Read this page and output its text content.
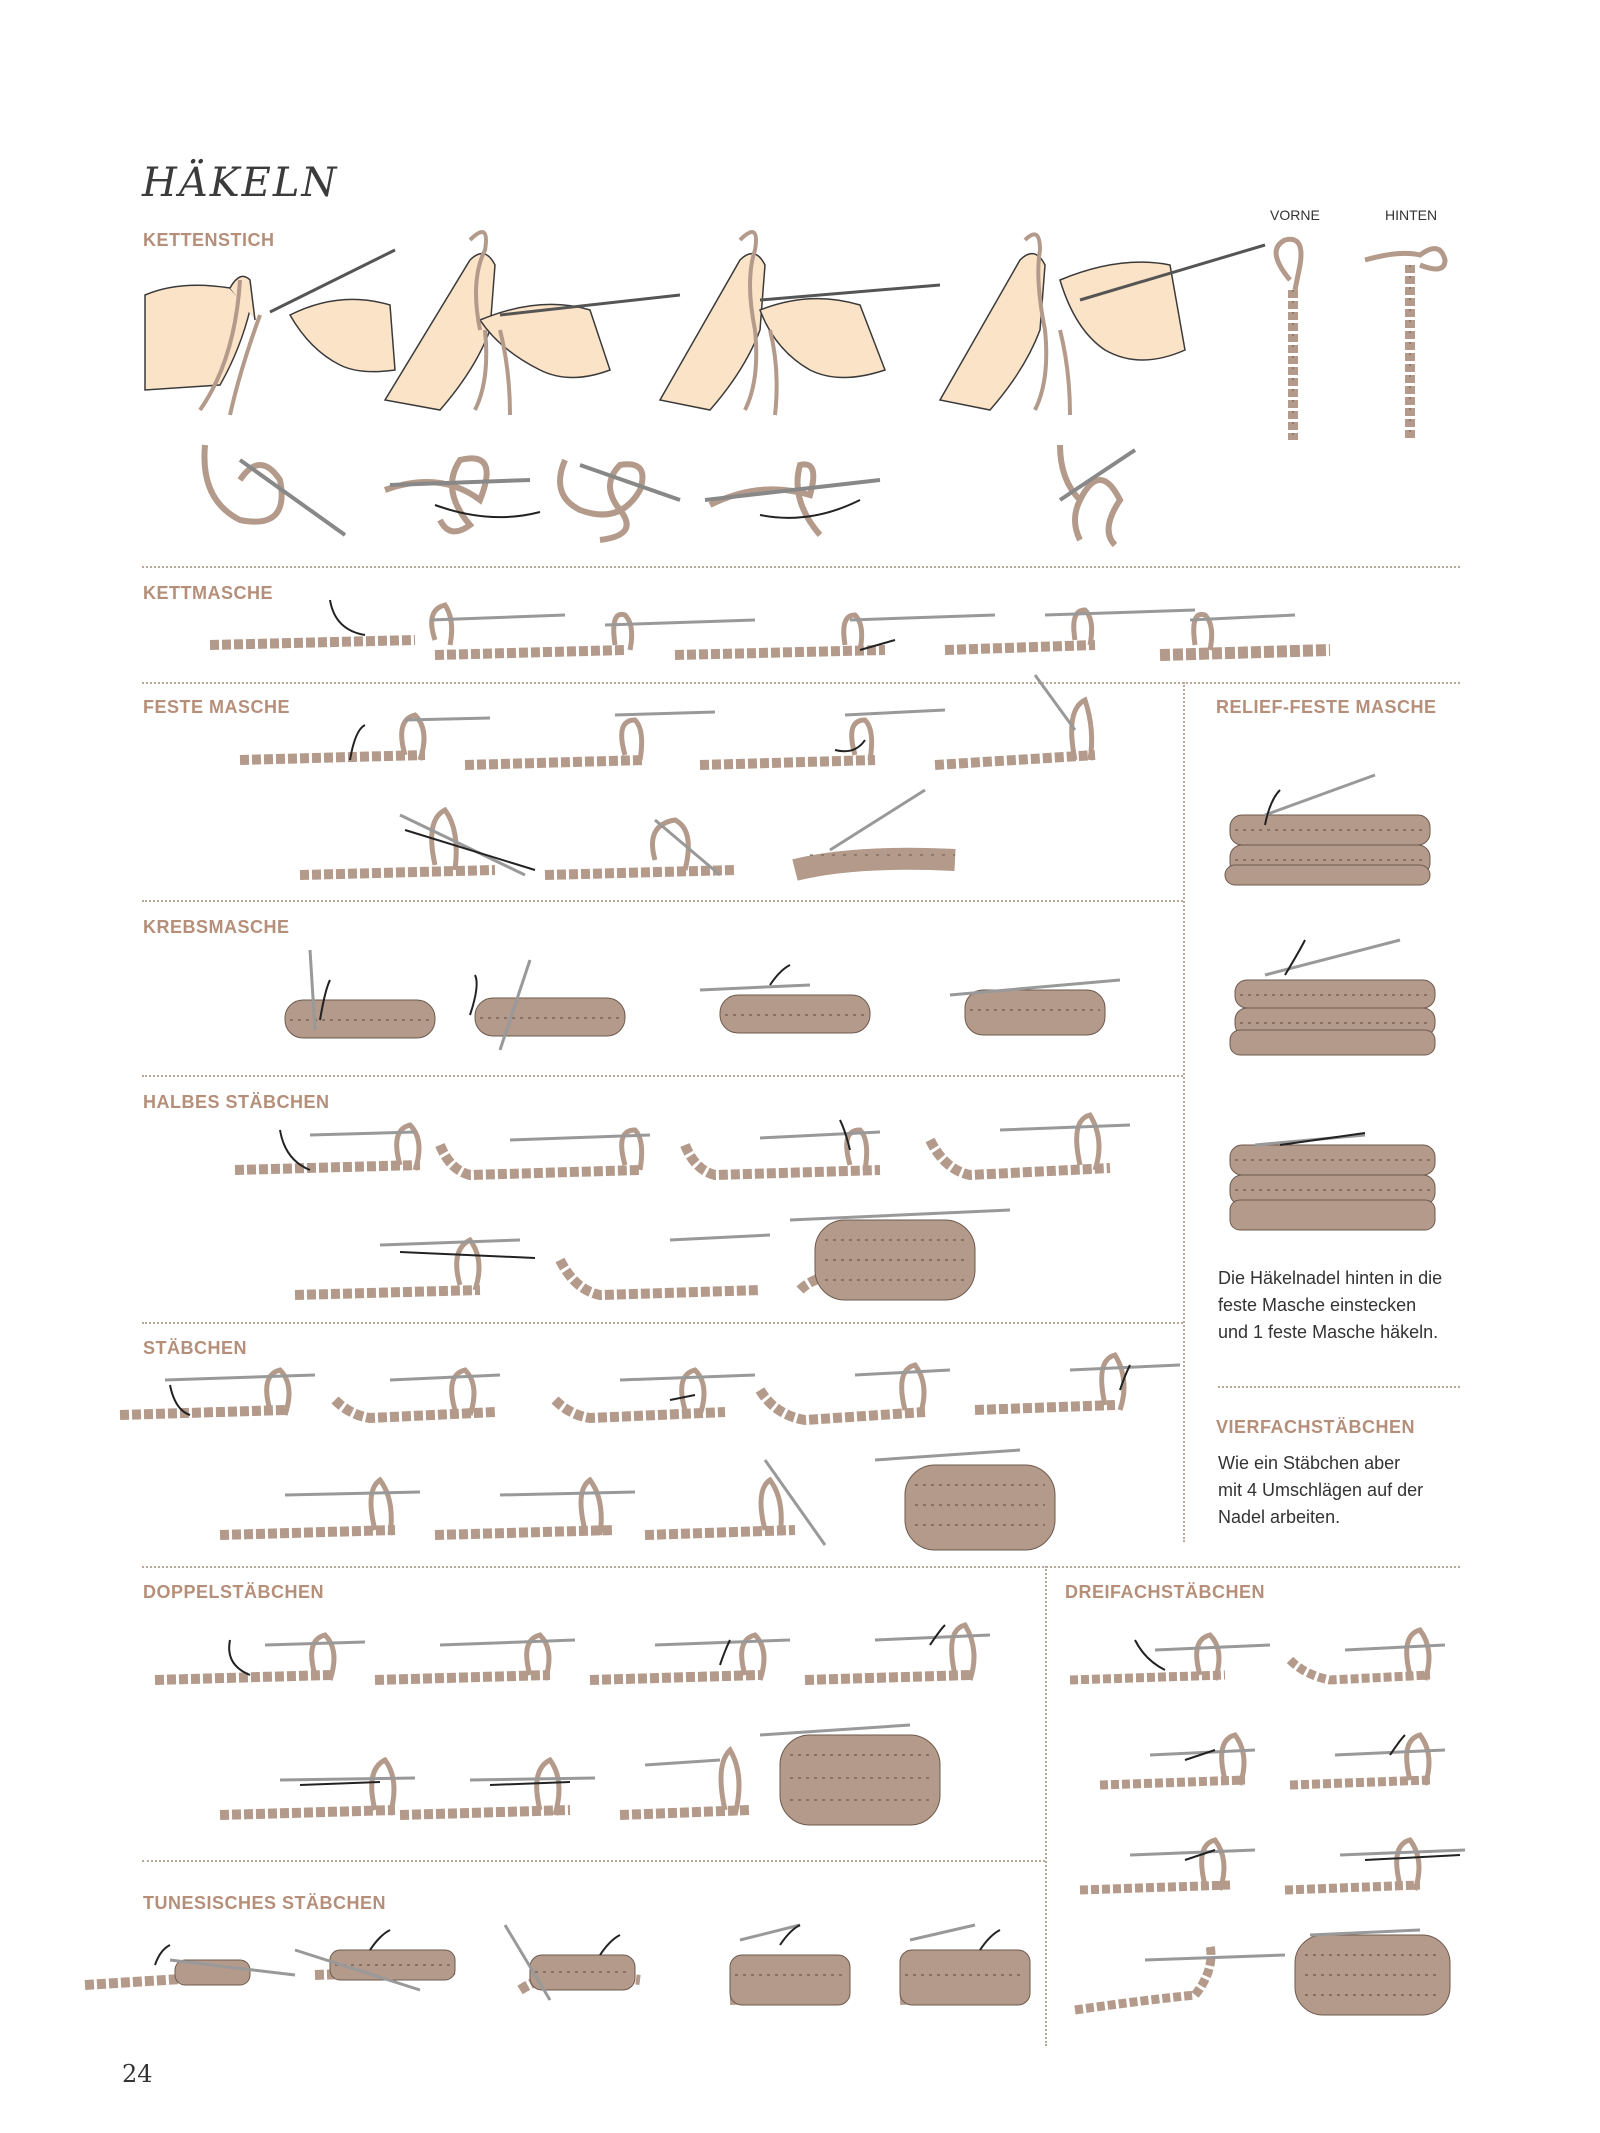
HÄKELN
KETTENSTICH
VORNE	HINTEN
KETTMASCHE
FESTE MASCHE	RELIEF-FESTE MASCHE
Die Häkelnadel hinten in die
feste Masche einstecken
und 1 feste Masche häkeln.
KREBSMASCHE
HALBES STÄBCHEN
STÄBCHEN
VIERFACHSTÄBCHEN
Wie ein Stäbchen aber
mit 4 Umschlägen auf der
Nadel arbeiten.
DOPPELSTÄBCHEN	DREIFACHSTÄBCHEN
TUNESISCHES STÄBCHEN
24
